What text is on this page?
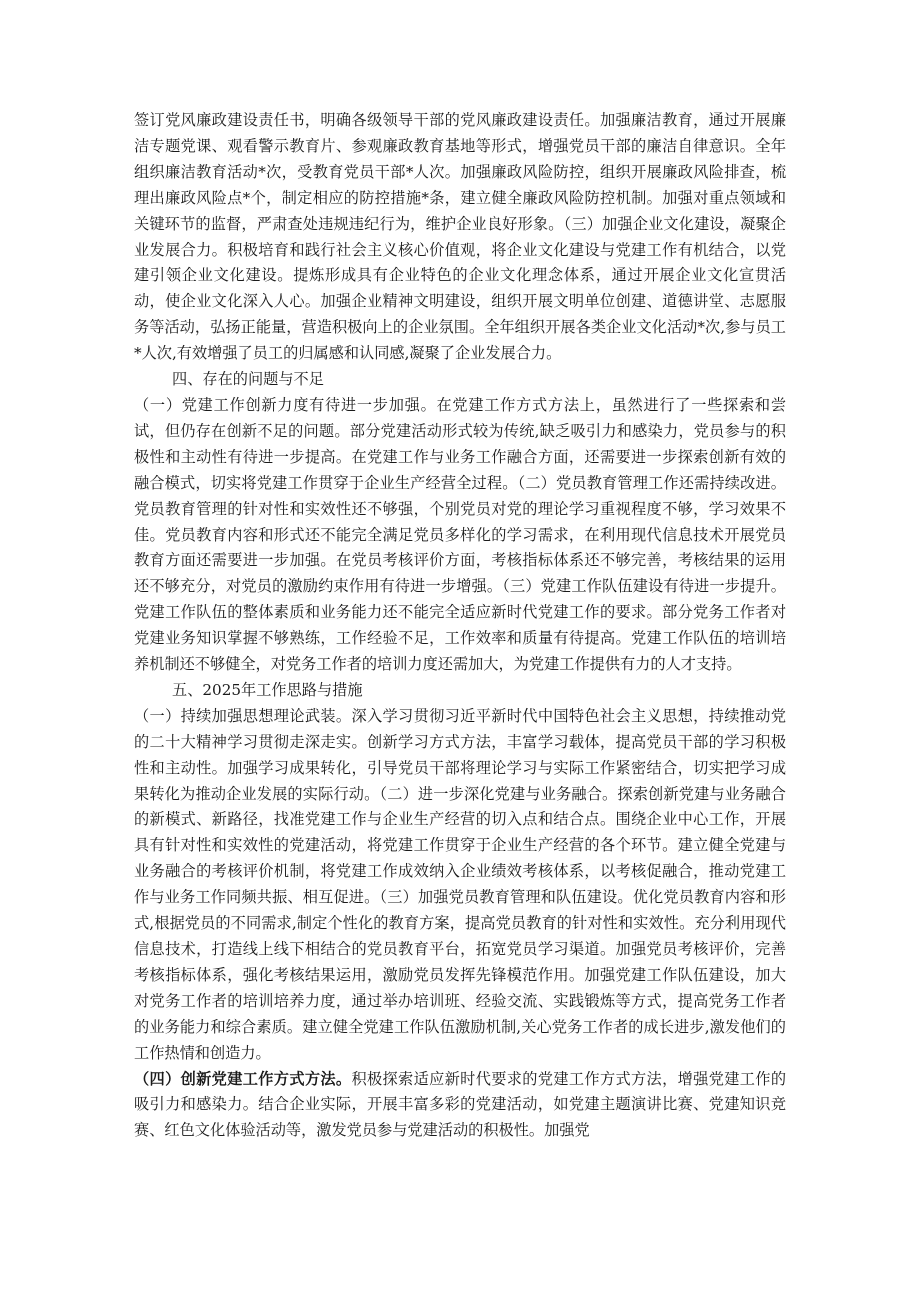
签订党风廉政建设责任书，明确各级领导干部的党风廉政建设责任。加强廉洁教育，通过开展廉洁专题党课、观看警示教育片、参观廉政教育基地等形式，增强党员干部的廉洁自律意识。全年组织廉洁教育活动*次，受教育党员干部*人次。加强廉政风险防控，组织开展廉政风险排查，梳理出廉政风险点*个，制定相应的防控措施*条，建立健全廉政风险防控机制。加强对重点领域和关键环节的监督，严肃查处违规违纪行为，维护企业良好形象。（三）加强企业文化建设，凝聚企业发展合力。积极培育和践行社会主义核心价值观，将企业文化建设与党建工作有机结合，以党建引领企业文化建设。提炼形成具有企业特色的企业文化理念体系，通过开展企业文化宣贯活动，使企业文化深入人心。加强企业精神文明建设，组织开展文明单位创建、道德讲堂、志愿服务等活动，弘扬正能量，营造积极向上的企业氛围。全年组织开展各类企业文化活动*次,参与员工*人次,有效增强了员工的归属感和认同感,凝聚了企业发展合力。

四、存在的问题与不足

（一）党建工作创新力度有待进一步加强。在党建工作方式方法上，虽然进行了一些探索和尝试，但仍存在创新不足的问题。部分党建活动形式较为传统,缺乏吸引力和感染力，党员参与的积极性和主动性有待进一步提高。在党建工作与业务工作融合方面，还需要进一步探索创新有效的融合模式，切实将党建工作贯穿于企业生产经营全过程。（二）党员教育管理工作还需持续改进。党员教育管理的针对性和实效性还不够强，个别党员对党的理论学习重视程度不够，学习效果不佳。党员教育内容和形式还不能完全满足党员多样化的学习需求，在利用现代信息技术开展党员教育方面还需要进一步加强。在党员考核评价方面，考核指标体系还不够完善，考核结果的运用还不够充分，对党员的激励约束作用有待进一步增强。（三）党建工作队伍建设有待进一步提升。党建工作队伍的整体素质和业务能力还不能完全适应新时代党建工作的要求。部分党务工作者对党建业务知识掌握不够熟练，工作经验不足，工作效率和质量有待提高。党建工作队伍的培训培养机制还不够健全，对党务工作者的培训力度还需加大，为党建工作提供有力的人才支持。

五、2025年工作思路与措施

（一）持续加强思想理论武装。深入学习贯彻习近平新时代中国特色社会主义思想，持续推动党的二十大精神学习贯彻走深走实。创新学习方式方法，丰富学习载体，提高党员干部的学习积极性和主动性。加强学习成果转化，引导党员干部将理论学习与实际工作紧密结合，切实把学习成果转化为推动企业发展的实际行动。（二）进一步深化党建与业务融合。探索创新党建与业务融合的新模式、新路径，找准党建工作与企业生产经营的切入点和结合点。围绕企业中心工作，开展具有针对性和实效性的党建活动，将党建工作贯穿于企业生产经营的各个环节。建立健全党建与业务融合的考核评价机制，将党建工作成效纳入企业绩效考核体系，以考核促融合，推动党建工作与业务工作同频共振、相互促进。（三）加强党员教育管理和队伍建设。优化党员教育内容和形式,根据党员的不同需求,制定个性化的教育方案，提高党员教育的针对性和实效性。充分利用现代信息技术，打造线上线下相结合的党员教育平台，拓宽党员学习渠道。加强党员考核评价，完善考核指标体系，强化考核结果运用，激励党员发挥先锋模范作用。加强党建工作队伍建设，加大对党务工作者的培训培养力度，通过举办培训班、经验交流、实践锻炼等方式，提高党务工作者的业务能力和综合素质。建立健全党建工作队伍激励机制,关心党务工作者的成长进步,激发他们的工作热情和创造力。

（四）创新党建工作方式方法。积极探索适应新时代要求的党建工作方式方法，增强党建工作的吸引力和感染力。结合企业实际，开展丰富多彩的党建活动，如党建主题演讲比赛、党建知识竞赛、红色文化体验活动等，激发党员参与党建活动的积极性。加强党
